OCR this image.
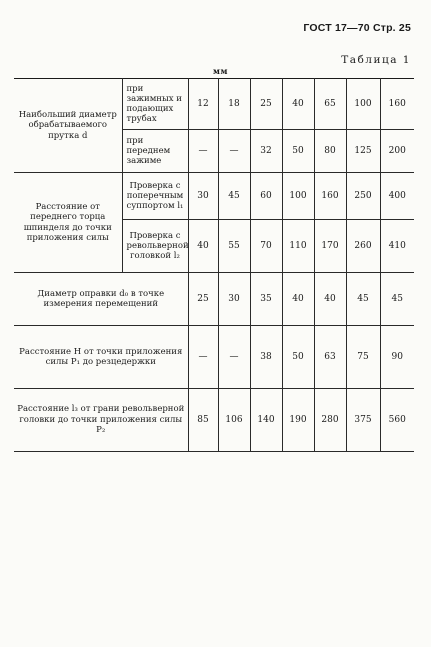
ГОСТ 17—70 Стр. 25
Таблица 1
мм
Наибольший диаметр обрабатываемого прутка d	при зажимных и подающих трубах	12	18	25	40	65	100	160
	при переднем зажиме	—	—	32	50	80	125	200
Расстояние от переднего торца шпинделя до точки приложения силы	Проверка с поперечным суппортом l₁	30	45	60	100	160	250	400
	Проверка с револьверной головкой l₂	40	55	70	110	170	260	410
Диаметр оправки d₀ в точке измерения перемещений		25	30	35	40	40	45	45
Расстояние H от точки приложения силы P₁ до резцедержки		—	—	38	50	63	75	90
Расстояние l₃ от грани револьверной головки до точки приложения силы P₂		85	106	140	190	280	375	560
